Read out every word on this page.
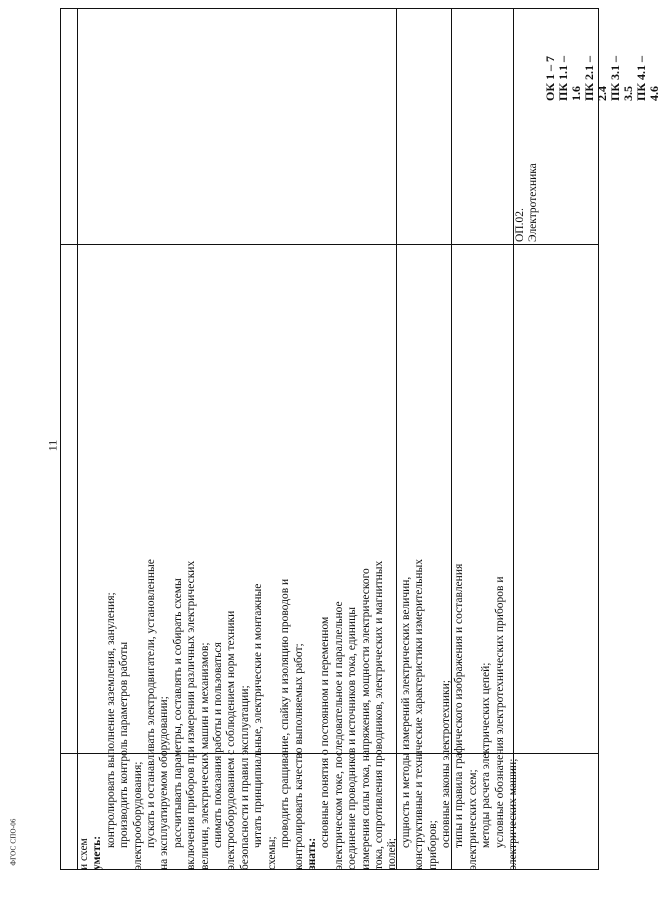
11
ФГОС СПО-06	и схем уметь:
контролировать выполнение заземления, зануления; производить контроль параметров работы электрооборудования; пускать и останавливать электродвигатели, установленные на эксплуатируемом оборудовании; рассчитывать параметры, составлять и собирать схемы включения приборов при измерении различных электрических величин, электрических машин и механизмов; снимать показания работы и пользоваться электрооборудованием с соблюдением норм техники безопасности и правил эксплуатации; читать принципиальные, электрические и монтажные
схемы;
проводить сращивание, спайку и изоляцию проводов и контролировать качество выполняемых работ; знать:
основные понятия о постоянном и переменном электрическом токе, последовательное и параллельное соединение проводников и источников тока, единицы измерения силы тока, напряжения, мощности электрического тока, сопротивления проводников, электрических и магнитных полей;
сущность и методы измерений электрических величин, конструктивные и технические характеристики измерительных приборов; основные законы электротехники; типы и правила графического изображения и составления электрических схем; методы расчета электрических цепей; условные обозначения электротехнических приборов и электрических машин;
ОП.02. Электротехника
ОК 1 – 7 ПК 1.1 – 1.6 ПК 2.1 – 2.4 ПК 3.1 – 3.5 ПК 4.1 – 4.6
